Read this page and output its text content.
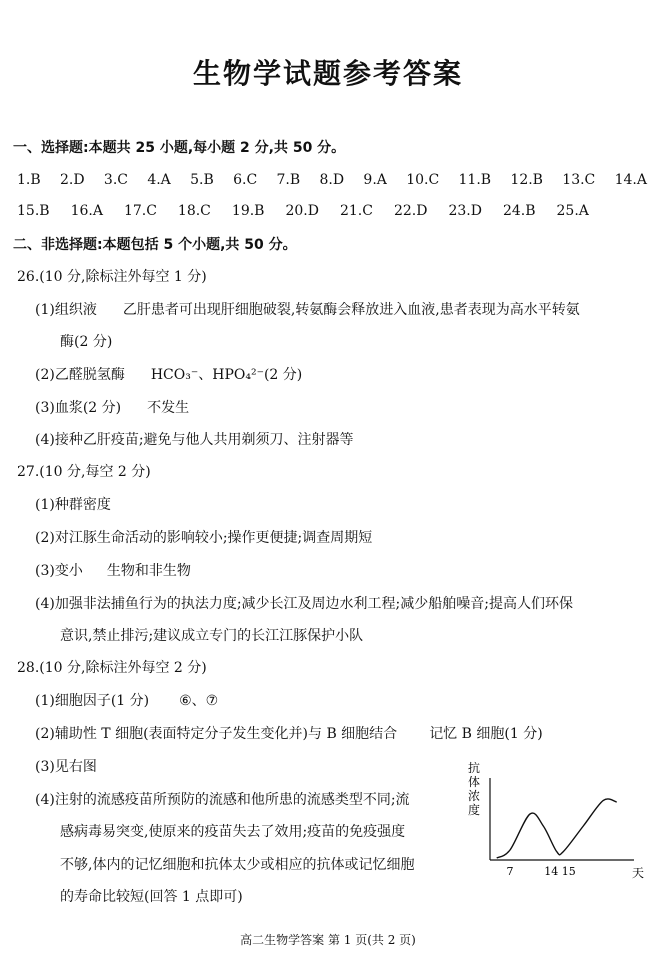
生物学试题参考答案
一、选择题:本题共 25 小题,每小题 2 分,共 50 分。
1.B 2.D 3.C 4.A 5.B 6.C 7.B 8.D 9.A 10.C 11.B 12.B 13.C 14.A
15.B 16.A 17.C 18.C 19.B 20.D 21.C 22.D 23.D 24.B 25.A
二、非选择题:本题包括 5 个小题,共 50 分。
26.(10 分,除标注外每空 1 分)
(1)组织液 乙肝患者可出现肝细胞破裂,转氨酶会释放进入血液,患者表现为高水平转氨
酶(2 分)
(2)乙醛脱氢酶 HCO₃⁻、HPO₄²⁻(2 分)
(3)血浆(2 分) 不发生
(4)接种乙肝疫苗;避免与他人共用剃须刀、注射器等
27.(10 分,每空 2 分)
(1)种群密度
(2)对江豚生命活动的影响较小;操作更便捷;调查周期短
(3)变小 生物和非生物
(4)加强非法捕鱼行为的执法力度;减少长江及周边水利工程;减少船舶噪音;提高人们环保
意识,禁止排污;建议成立专门的长江江豚保护小队
28.(10 分,除标注外每空 2 分)
(1)细胞因子(1 分) ⑥、⑦
(2)辅助性 T 细胞(表面特定分子发生变化并)与 B 细胞结合 记忆 B 细胞(1 分)
(3)见右图
(4)注射的流感疫苗所预防的流感和他所患的流感类型不同;流
感病毒易突变,使原来的疫苗失去了效用;疫苗的免疫强度
不够,体内的记忆细胞和抗体太少或相应的抗体或记忆细胞
的寿命比较短(回答 1 点即可)
抗
体
浓
度
7	14 15	天
高二生物学答案 第 1 页(共 2 页)
